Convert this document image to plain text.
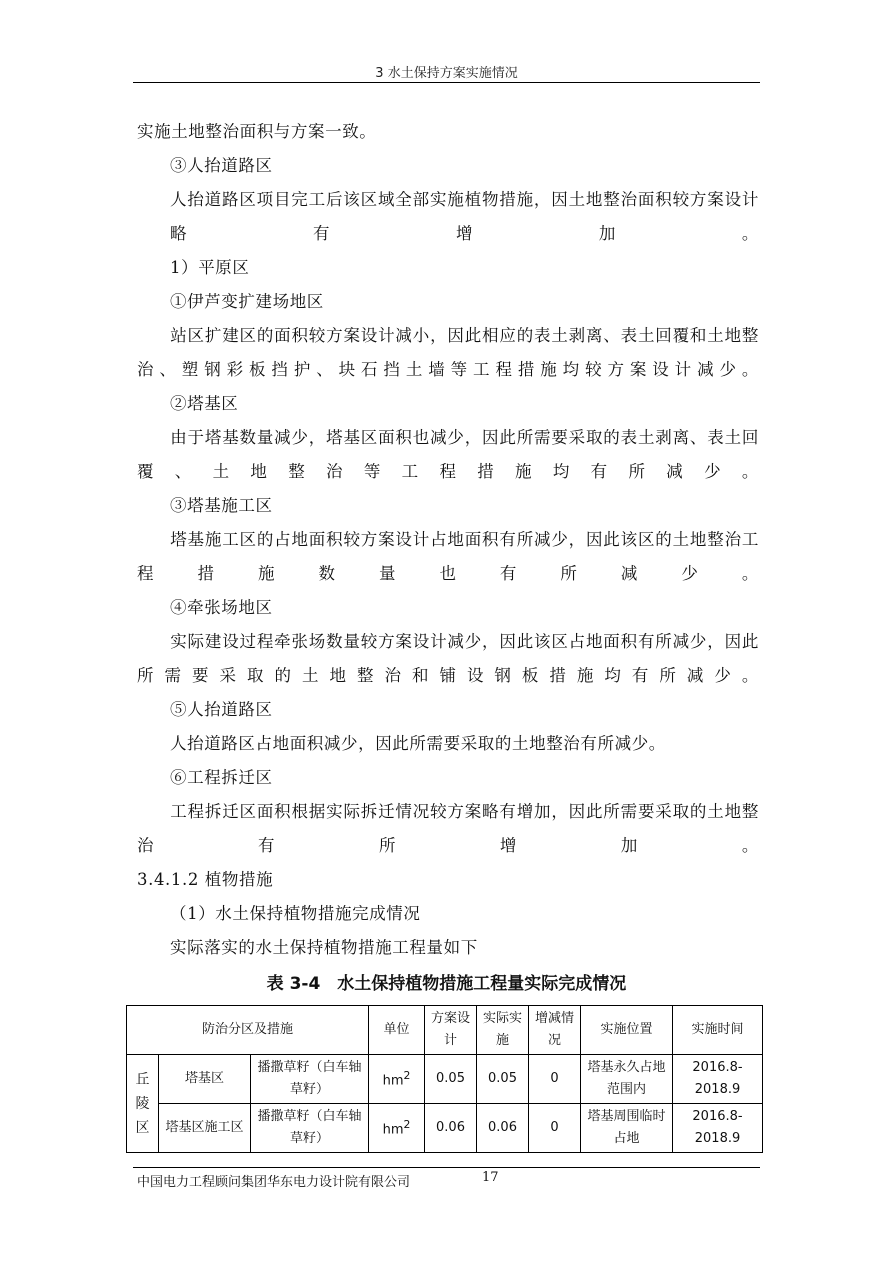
3 水土保持方案实施情况
实施土地整治面积与方案一致。
③人抬道路区
人抬道路区项目完工后该区域全部实施植物措施，因土地整治面积较方案设计略有增加。
1）平原区
①伊芦变扩建场地区
站区扩建区的面积较方案设计减小，因此相应的表土剥离、表土回覆和土地整治、塑钢彩板挡护、块石挡土墙等工程措施均较方案设计减少。
②塔基区
由于塔基数量减少，塔基区面积也减少，因此所需要采取的表土剥离、表土回覆、土地整治等工程措施均有所减少。
③塔基施工区
塔基施工区的占地面积较方案设计占地面积有所减少，因此该区的土地整治工程措施数量也有所减少。
④牵张场地区
实际建设过程牵张场数量较方案设计减少，因此该区占地面积有所减少，因此所需要采取的土地整治和铺设钢板措施均有所减少。
⑤人抬道路区
人抬道路区占地面积减少，因此所需要采取的土地整治有所减少。
⑥工程拆迁区
工程拆迁区面积根据实际拆迁情况较方案略有增加，因此所需要采取的土地整治有所增加。
3.4.1.2 植物措施
（1）水土保持植物措施完成情况
实际落实的水土保持植物措施工程量如下
表 3-4　水土保持植物措施工程量实际完成情况
防治分区及措施			单位	方案设计	实际实施	增减情况	实施位置	实施时间
丘陵区	塔基区	播撒草籽（白车轴草籽）	$hm^2$	0.05	0.05	0	塔基永久占地范围内	2016.8-2018.9
	塔基区施工区	播撒草籽（白车轴草籽）	$hm^2$	0.06	0.06	0	塔基周围临时占地	2016.8-2018.9
中国电力工程顾问集团华东电力设计院有限公司	17
